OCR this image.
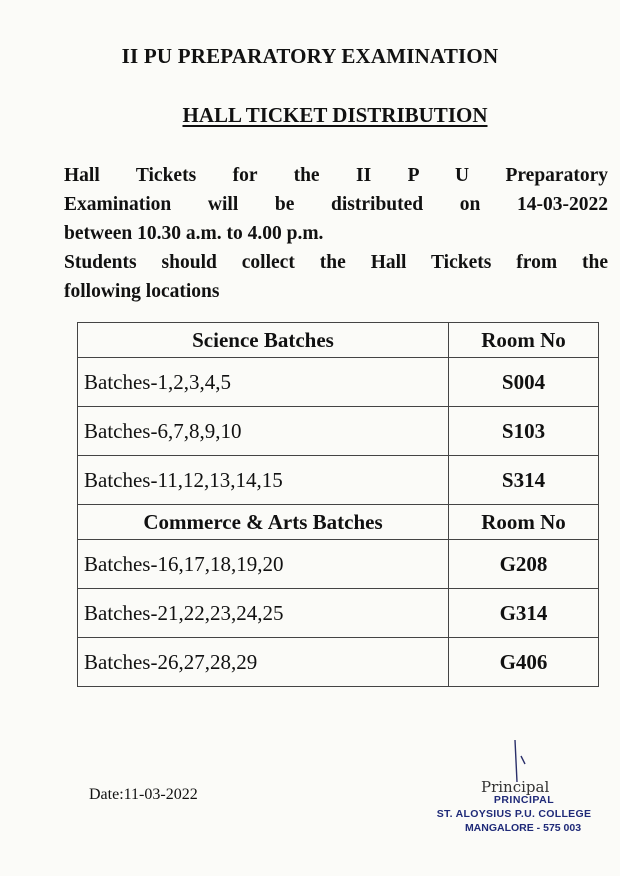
II PU PREPARATORY EXAMINATION
HALL TICKET DISTRIBUTION
Hall Tickets for the II P U Preparatory
Examination will be distributed on 14-03-2022
between 10.30 a.m. to 4.00 p.m.
Students should collect the Hall Tickets from the
following locations
Science Batches	Room No
Batches-1,2,3,4,5	S004
Batches-6,7,8,9,10	S103
Batches-11,12,13,14,15	S314
Commerce & Arts Batches	Room No
Batches-16,17,18,19,20	G208
Batches-21,22,23,24,25	G314
Batches-26,27,28,29	G406
Date:11-03-2022	Principal
PRINCIPAL
ST. ALOYSIUS P.U. COLLEGE
MANGALORE - 575 003
